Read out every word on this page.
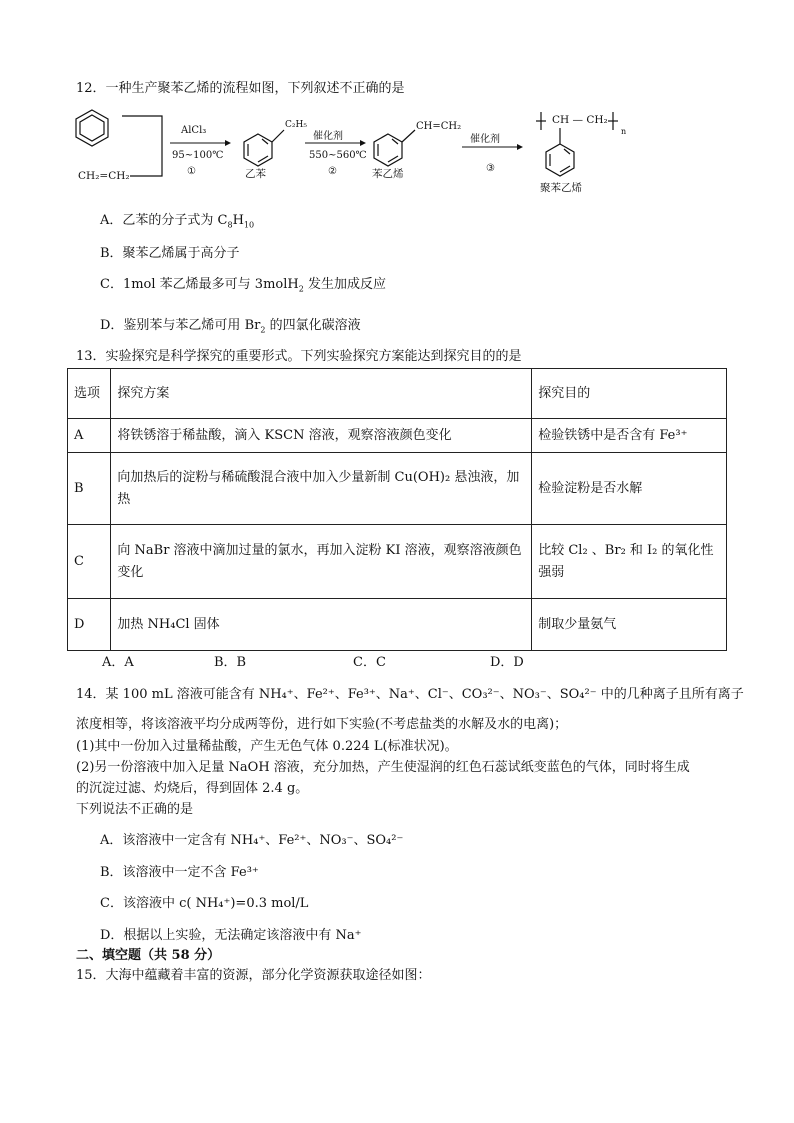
12．一种生产聚苯乙烯的流程如图，下列叙述不正确的是
CH₂=CH₂
AlCl₃
95~100℃
①
C₂H₅
乙苯
催化剂
550~560℃
②
CH=CH₂
苯乙烯
催化剂
③
CH — CH₂
n
聚苯乙烯
A．乙苯的分子式为 $C_8H_{10}$
B．聚苯乙烯属于高分子
C．1mol 苯乙烯最多可与 3molH$_2$ 发生加成反应
D．鉴别苯与苯乙烯可用 $Br_2$ 的四氯化碳溶液
13．实验探究是科学探究的重要形式。下列实验探究方案能达到探究目的的是
选项	探究方案	探究目的
A	将铁锈溶于稀盐酸，滴入 KSCN 溶液，观察溶液颜色变化	检验铁锈中是否含有 Fe³⁺
B	向加热后的淀粉与稀硫酸混合液中加入少量新制 Cu(OH)₂ 悬浊液，加热	检验淀粉是否水解
C	向 NaBr 溶液中滴加过量的氯水，再加入淀粉 KI 溶液，观察溶液颜色变化	比较 Cl₂ 、Br₂ 和 I₂ 的氧化性强弱
D	加热 NH₄Cl 固体	制取少量氨气
A．A	B．B	C．C	D．D
14．某 100 mL 溶液可能含有 NH₄⁺、Fe²⁺、Fe³⁺、Na⁺、Cl⁻、CO₃²⁻、NO₃⁻、SO₄²⁻ 中的几种离子且所有离子
浓度相等，将该溶液平均分成两等份，进行如下实验(不考虑盐类的水解及水的电离)；
(1)其中一份加入过量稀盐酸，产生无色气体 0.224 L(标准状况)。
(2)另一份溶液中加入足量 NaOH 溶液，充分加热，产生使湿润的红色石蕊试纸变蓝色的气体，同时将生成
的沉淀过滤、灼烧后，得到固体 2.4 g。
下列说法不正确的是
A．该溶液中一定含有 NH₄⁺、Fe²⁺、NO₃⁻、SO₄²⁻
B．该溶液中一定不含 Fe³⁺
C．该溶液中 c( NH₄⁺)=0.3 mol/L
D．根据以上实验，无法确定该溶液中有 Na⁺
二、填空题（共 58 分）
15．大海中蕴藏着丰富的资源，部分化学资源获取途径如图：
